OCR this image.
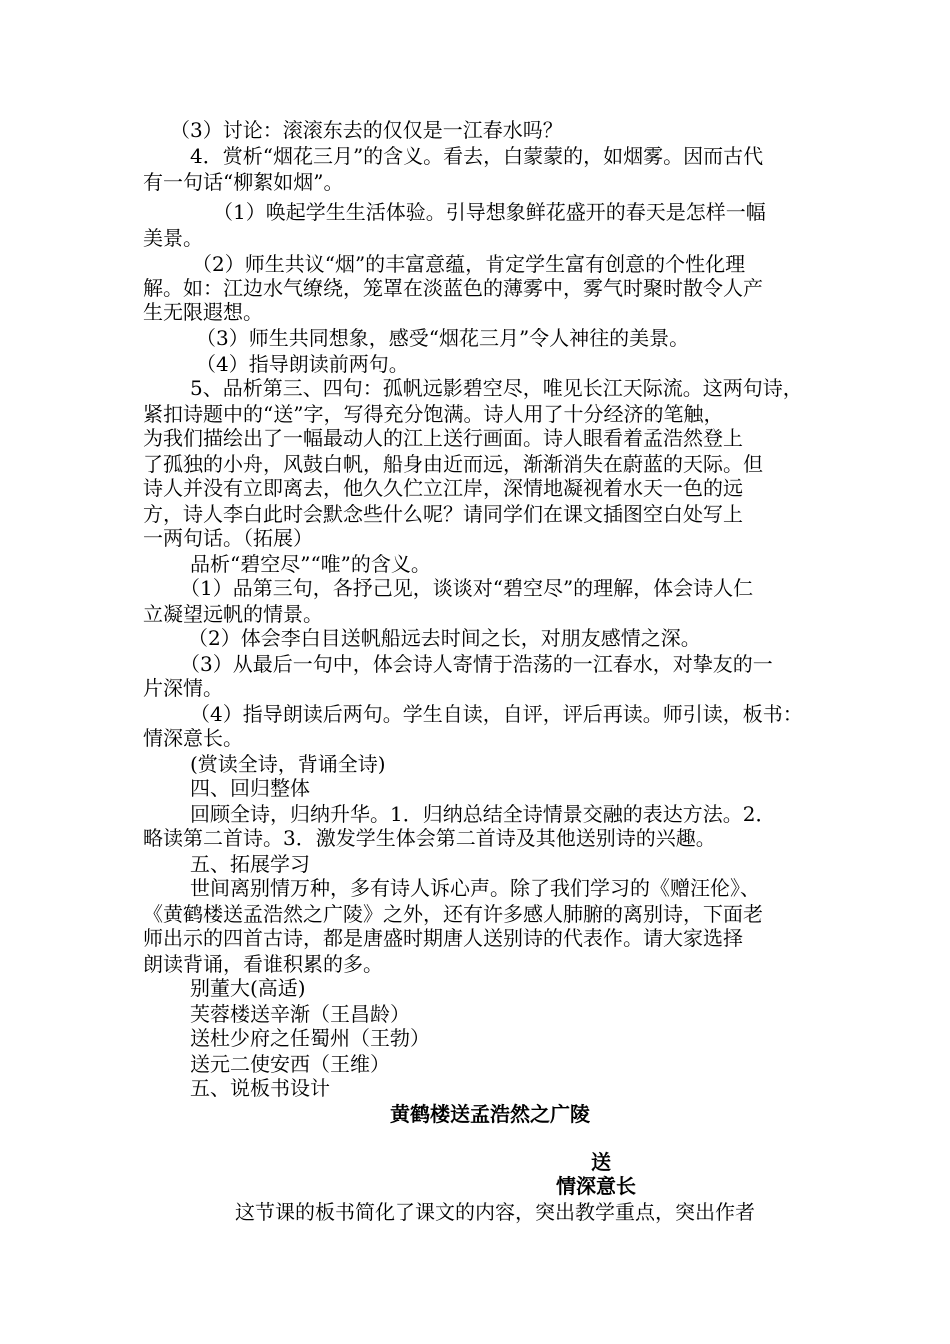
（3）讨论：滚滚东去的仅仅是一江春水吗？
4．赏析“烟花三月”的含义。看去，白蒙蒙的，如烟雾。因而古代
有一句话“柳絮如烟”。
（1）唤起学生生活体验。引导想象鲜花盛开的春天是怎样一幅
美景。
（2）师生共议“烟”的丰富意蕴，肯定学生富有创意的个性化理
解。如：江边水气缭绕，笼罩在淡蓝色的薄雾中，雾气时聚时散令人产
生无限遐想。
（3）师生共同想象，感受“烟花三月”令人神往的美景。
（4）指导朗读前两句。
5、品析第三、四句：孤帆远影碧空尽，唯见长江天际流。这两句诗，
紧扣诗题中的“送”字，写得充分饱满。诗人用了十分经济的笔触，
为我们描绘出了一幅最动人的江上送行画面。诗人眼看着孟浩然登上
了孤独的小舟，风鼓白帆，船身由近而远，渐渐消失在蔚蓝的天际。但
诗人并没有立即离去，他久久伫立江岸，深情地凝视着水天一色的远
方，诗人李白此时会默念些什么呢？请同学们在课文插图空白处写上
一两句话。（拓展）
品析“碧空尽”“唯”的含义。
（1）品第三句，各抒己见，谈谈对“碧空尽”的理解，体会诗人仁
立凝望远帆的情景。
（2）体会李白目送帆船远去时间之长，对朋友感情之深。
（3）从最后一句中，体会诗人寄情于浩荡的一江春水，对挚友的一
片深情。
（4）指导朗读后两句。学生自读，自评，评后再读。师引读，板书：
情深意长。
(赏读全诗，背诵全诗)
四、回归整体
回顾全诗，归纳升华。1．归纳总结全诗情景交融的表达方法。2．
略读第二首诗。3．激发学生体会第二首诗及其他送别诗的兴趣。
五、拓展学习
世间离别情万种，多有诗人诉心声。除了我们学习的《赠汪伦》、
《黄鹤楼送孟浩然之广陵》之外，还有许多感人肺腑的离别诗，下面老
师出示的四首古诗，都是唐盛时期唐人送别诗的代表作。请大家选择
朗读背诵，看谁积累的多。
别董大(高适)
芙蓉楼送辛渐（王昌龄）
送杜少府之任蜀州（王勃）
送元二使安西（王维）
五、说板书设计
黄鹤楼送孟浩然之广陵
送
情深意长
这节课的板书简化了课文的内容，突出教学重点，突出作者
